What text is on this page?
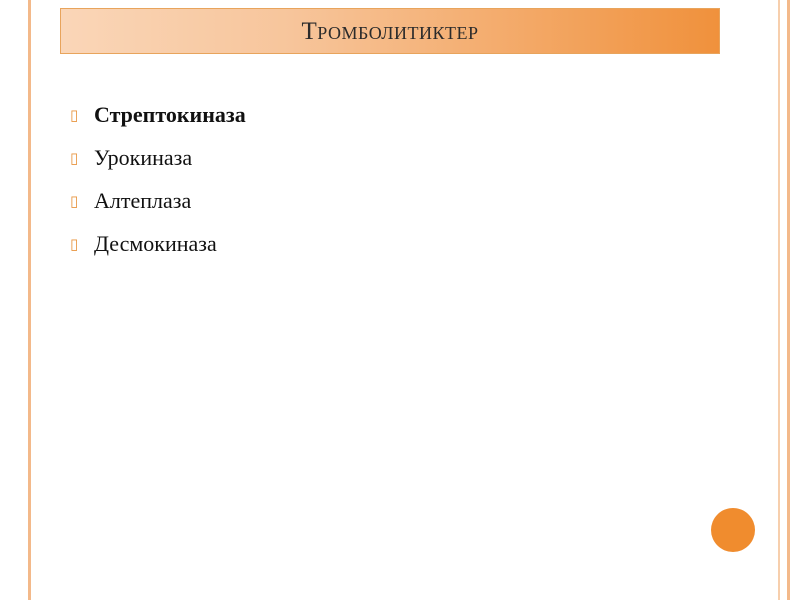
Тромболитиктер
▯ Стрептокиназа
▯ Урокиназа
▯ Алтеплаза
▯ Десмокиназа
